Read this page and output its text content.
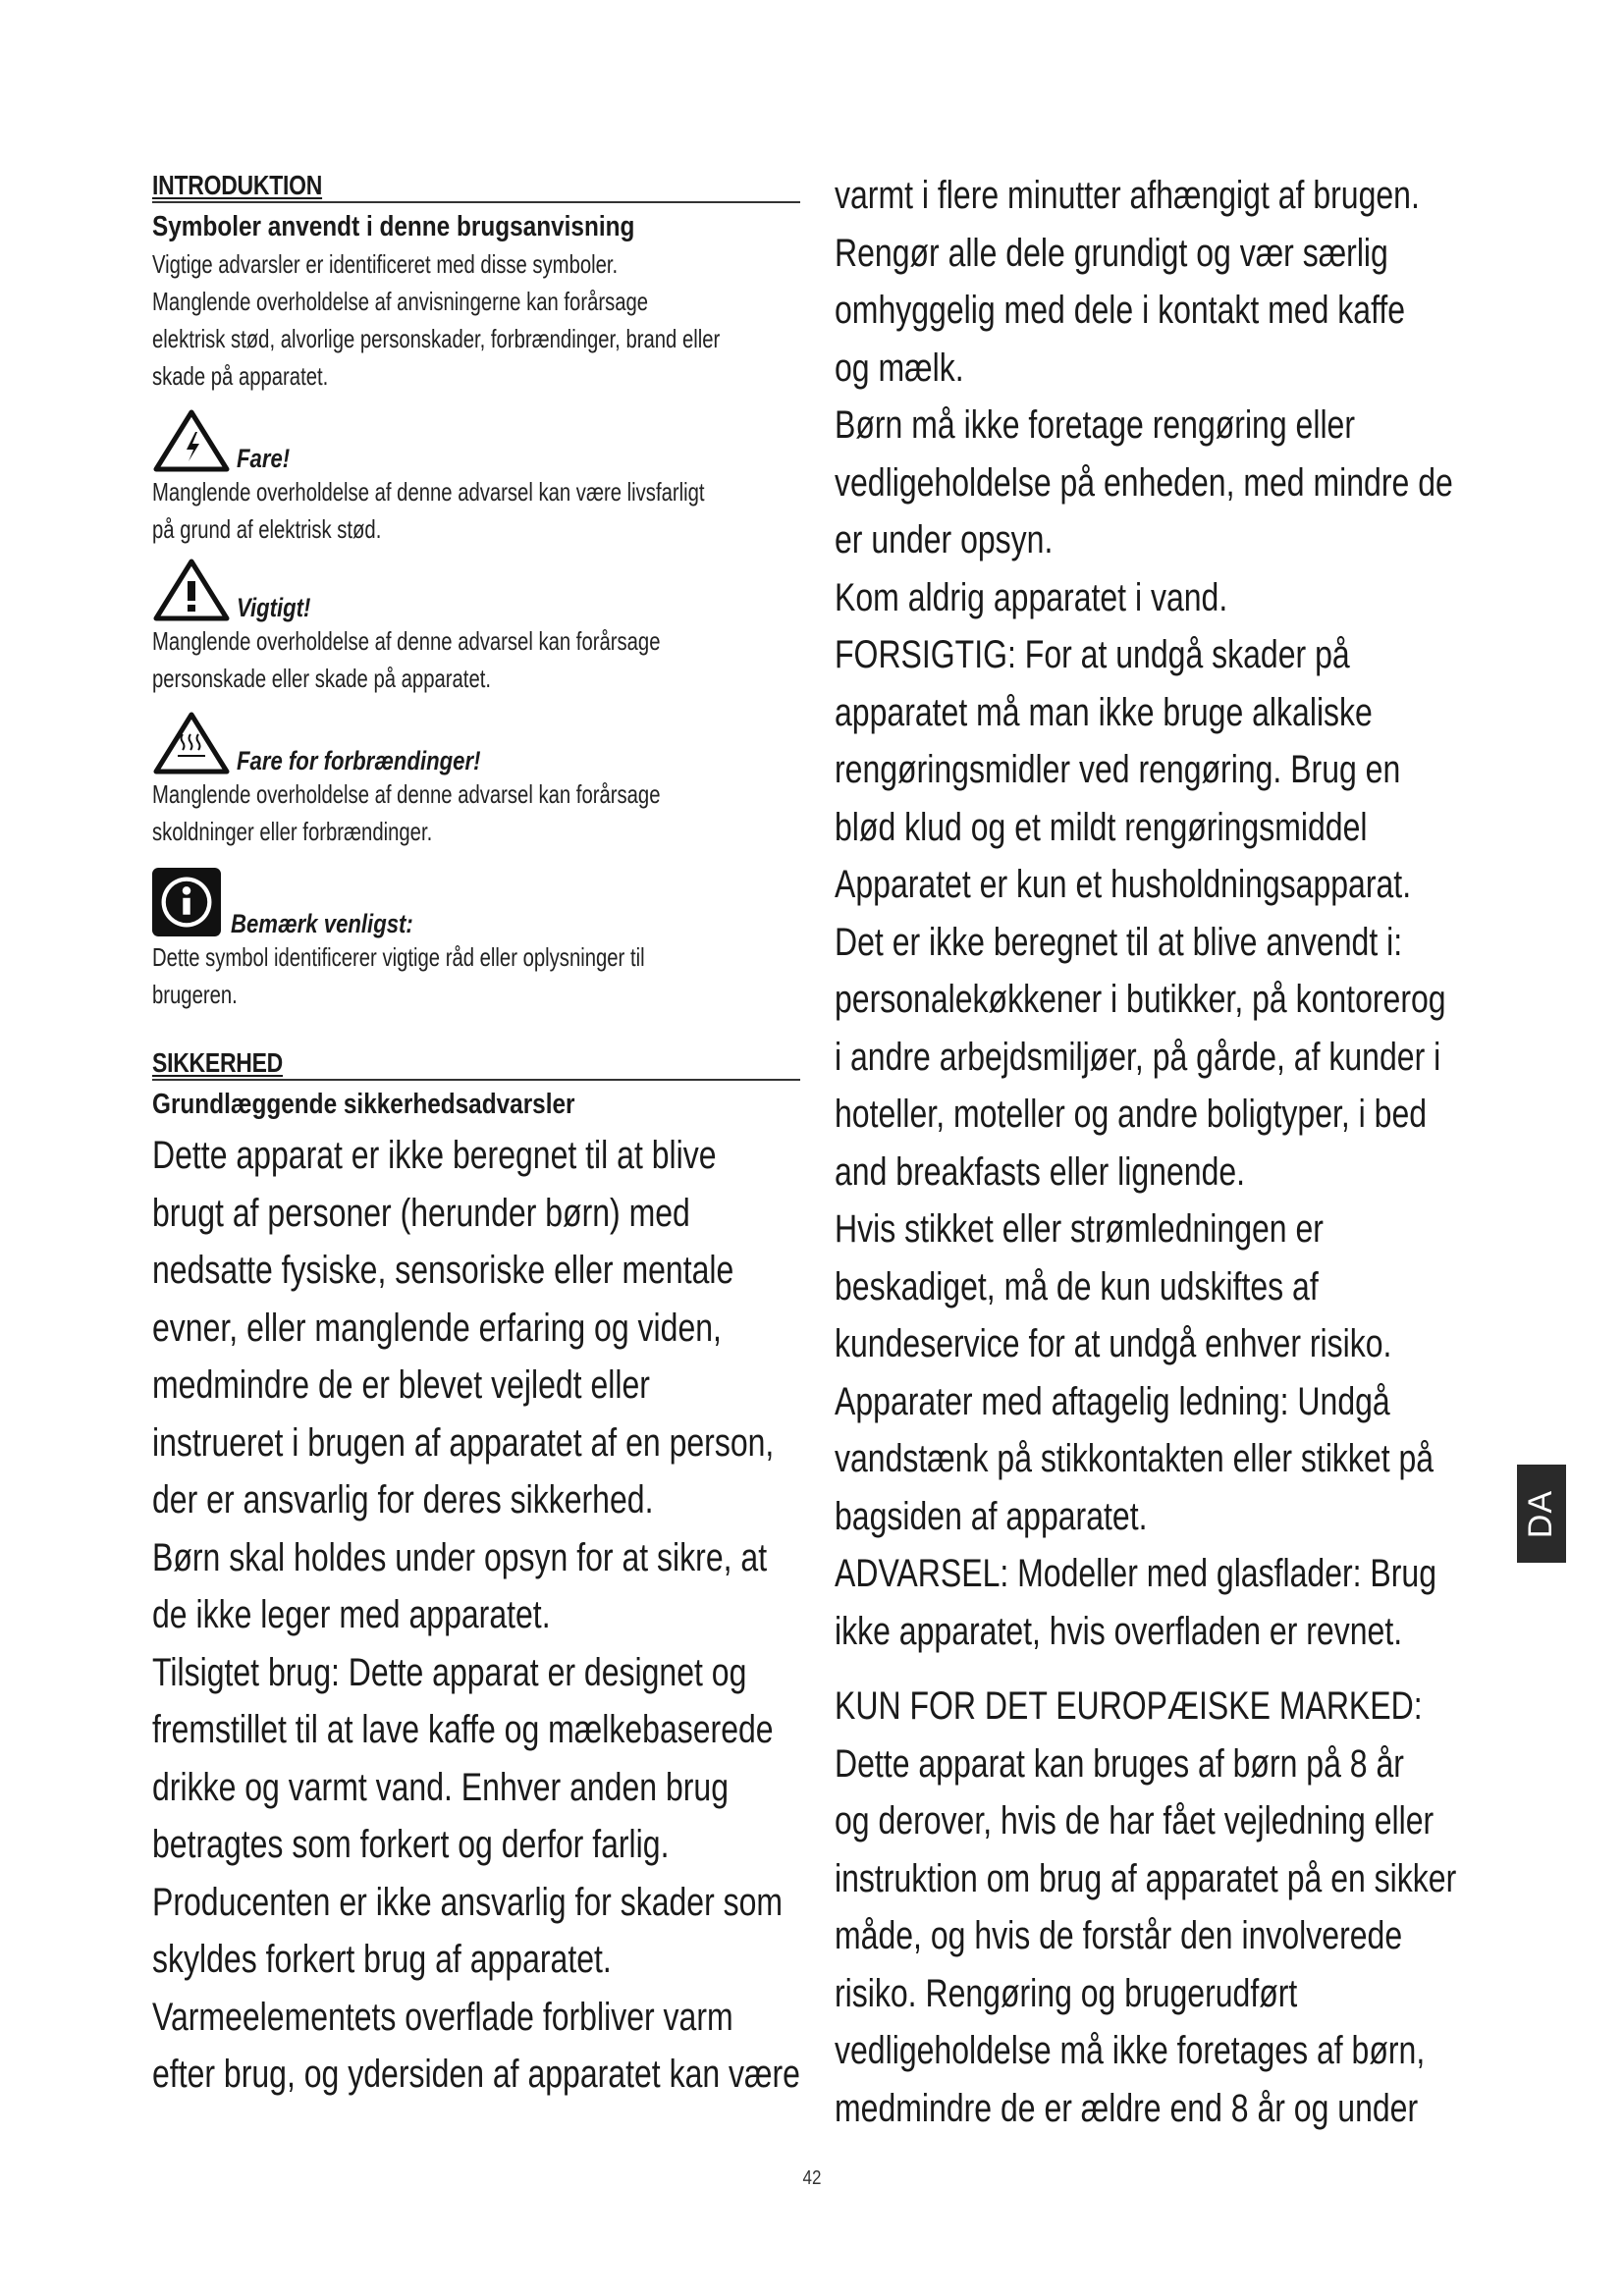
INTRODUKTION
Symboler anvendt i denne brugsanvisning
Vigtige advarsler er identificeret med disse symboler.
Manglende overholdelse af anvisningerne kan forårsage
elektrisk stød, alvorlige personskader, forbrændinger, brand eller
skade på apparatet.
Fare!
Manglende overholdelse af denne advarsel kan være livsfarligt
på grund af elektrisk stød.
Vigtigt!
Manglende overholdelse af denne advarsel kan forårsage
personskade eller skade på apparatet.
Fare for forbrændinger!
Manglende overholdelse af denne advarsel kan forårsage
skoldninger eller forbrændinger.
Bemærk venligst:
Dette symbol identificerer vigtige råd eller oplysninger til
brugeren.
SIKKERHED
Grundlæggende sikkerhedsadvarsler
Dette apparat er ikke beregnet til at blive
brugt af personer (herunder børn) med
nedsatte fysiske, sensoriske eller mentale
evner, eller manglende erfaring og viden,
medmindre de er blevet vejledt eller
instrueret i brugen af apparatet af en person,
der er ansvarlig for deres sikkerhed.
Børn skal holdes under opsyn for at sikre, at
de ikke leger med apparatet.
Tilsigtet brug: Dette apparat er designet og
fremstillet til at lave kaffe og mælkebaserede
drikke og varmt vand. Enhver anden brug
betragtes som forkert og derfor farlig.
Producenten er ikke ansvarlig for skader som
skyldes forkert brug af apparatet.
Varmeelementets overflade forbliver varm
efter brug, og ydersiden af apparatet kan være
varmt i flere minutter afhængigt af brugen.
Rengør alle dele grundigt og vær særlig
omhyggelig med dele i kontakt med kaffe
og mælk.
Børn må ikke foretage rengøring eller
vedligeholdelse på enheden, med mindre de
er under opsyn.
Kom aldrig apparatet i vand.
FORSIGTIG: For at undgå skader på
apparatet må man ikke bruge alkaliske
rengøringsmidler ved rengøring. Brug en
blød klud og et mildt rengøringsmiddel
Apparatet er kun et husholdningsapparat.
Det er ikke beregnet til at blive anvendt i:
personalekøkkener i butikker, på kontorerog
i andre arbejdsmiljøer, på gårde, af kunder i
hoteller, moteller og andre boligtyper, i bed
and breakfasts eller lignende.
Hvis stikket eller strømledningen er
beskadiget, må de kun udskiftes af
kundeservice for at undgå enhver risiko.
Apparater med aftagelig ledning: Undgå
vandstænk på stikkontakten eller stikket på
bagsiden af apparatet.
ADVARSEL: Modeller med glasflader: Brug
ikke apparatet, hvis overfladen er revnet.
KUN FOR DET EUROPÆISKE MARKED:
Dette apparat kan bruges af børn på 8 år
og derover, hvis de har fået vejledning eller
instruktion om brug af apparatet på en sikker
måde, og hvis de forstår den involverede
risiko. Rengøring og brugerudført
vedligeholdelse må ikke foretages af børn,
medmindre de er ældre end 8 år og under
DA
42
